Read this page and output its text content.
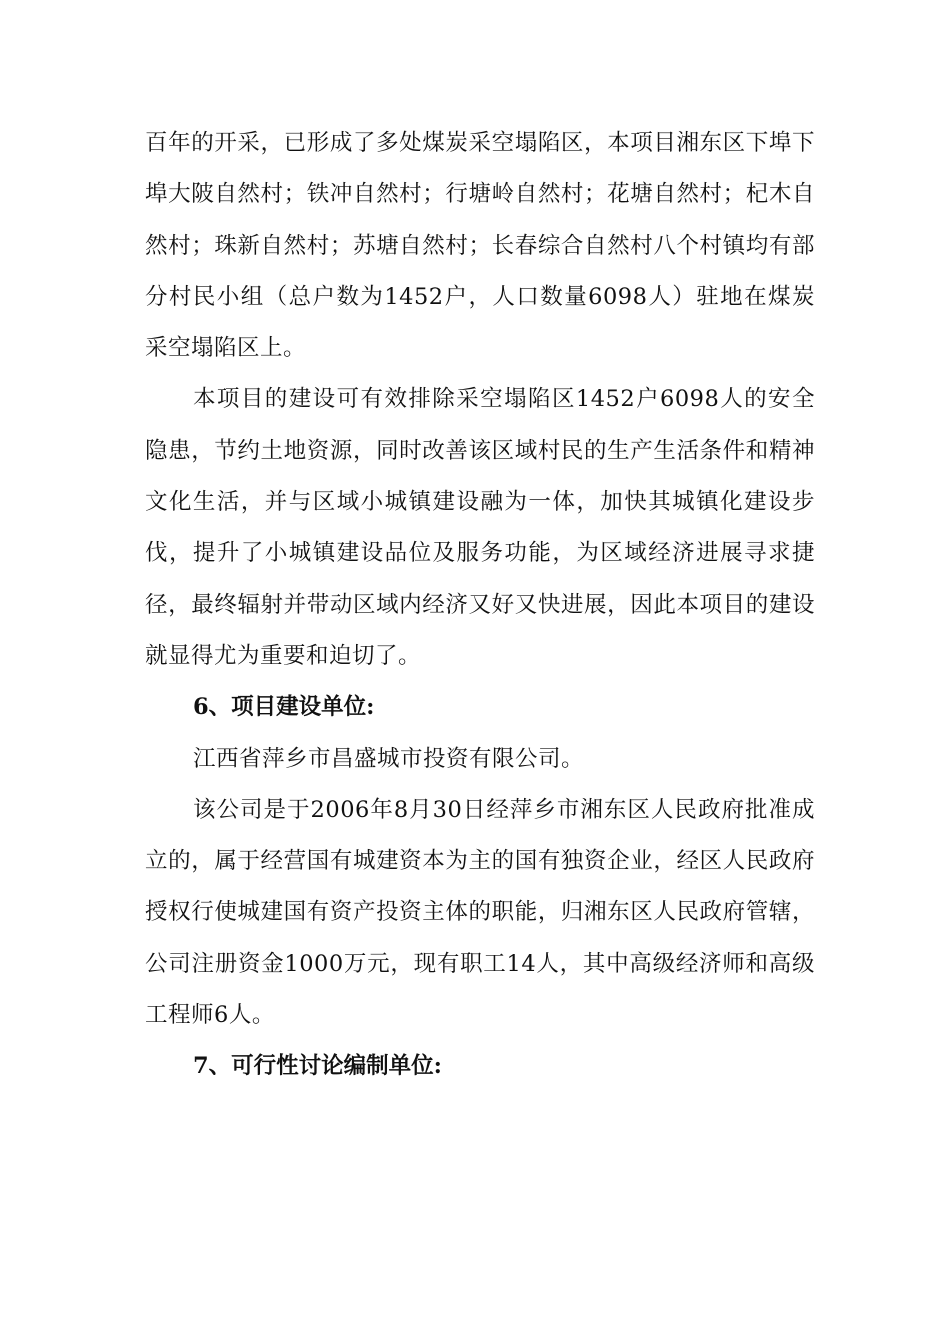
百年的开采，已形成了多处煤炭采空塌陷区，本项目湘东区下埠下埠大陂自然村；铁冲自然村；行塘岭自然村；花塘自然村；杞木自然村；珠新自然村；苏塘自然村；长春综合自然村八个村镇均有部分村民小组（总户数为1452户，人口数量6098人）驻地在煤炭采空塌陷区上。

本项目的建设可有效排除采空塌陷区1452户6098人的安全隐患，节约土地资源，同时改善该区域村民的生产生活条件和精神文化生活，并与区域小城镇建设融为一体，加快其城镇化建设步伐，提升了小城镇建设品位及服务功能，为区域经济进展寻求捷径，最终辐射并带动区域内经济又好又快进展，因此本项目的建设就显得尤为重要和迫切了。

6、项目建设单位:

江西省萍乡市昌盛城市投资有限公司。

该公司是于2006年8月30日经萍乡市湘东区人民政府批准成立的，属于经营国有城建资本为主的国有独资企业，经区人民政府授权行使城建国有资产投资主体的职能，归湘东区人民政府管辖，公司注册资金1000万元，现有职工14人，其中高级经济师和高级工程师6人。

7、可行性讨论编制单位:
